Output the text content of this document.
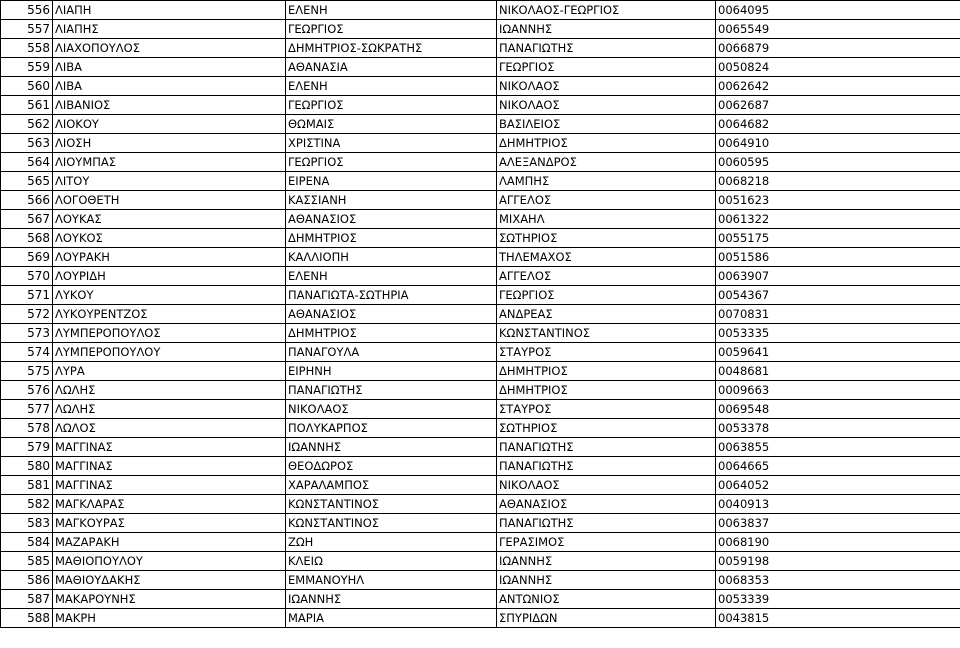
556	ΛΙΑΠΗ	ΕΛΕΝΗ	ΝΙΚΟΛΑΟΣ-ΓΕΩΡΓΙΟΣ	0064095
557	ΛΙΑΠΗΣ	ΓΕΩΡΓΙΟΣ	ΙΩΑΝΝΗΣ	0065549
558	ΛΙΑΧΟΠΟΥΛΟΣ	ΔΗΜΗΤΡΙΟΣ-ΣΩΚΡΑΤΗΣ	ΠΑΝΑΓΙΩΤΗΣ	0066879
559	ΛΙΒΑ	ΑΘΑΝΑΣΙΑ	ΓΕΩΡΓΙΟΣ	0050824
560	ΛΙΒΑ	ΕΛΕΝΗ	ΝΙΚΟΛΑΟΣ	0062642
561	ΛΙΒΑΝΙΟΣ	ΓΕΩΡΓΙΟΣ	ΝΙΚΟΛΑΟΣ	0062687
562	ΛΙΟΚΟΥ	ΘΩΜΑΙΣ	ΒΑΣΙΛΕΙΟΣ	0064682
563	ΛΙΟΣΗ	ΧΡΙΣΤΙΝΑ	ΔΗΜΗΤΡΙΟΣ	0064910
564	ΛΙΟΥΜΠΑΣ	ΓΕΩΡΓΙΟΣ	ΑΛΕΞΑΝΔΡΟΣ	0060595
565	ΛΙΤΟΥ	ΕΙΡΕΝΑ	ΛΑΜΠΗΣ	0068218
566	ΛΟΓΟΘΕΤΗ	ΚΑΣΣΙΑΝΗ	ΑΓΓΕΛΟΣ	0051623
567	ΛΟΥΚΑΣ	ΑΘΑΝΑΣΙΟΣ	ΜΙΧΑΗΛ	0061322
568	ΛΟΥΚΟΣ	ΔΗΜΗΤΡΙΟΣ	ΣΩΤΗΡΙΟΣ	0055175
569	ΛΟΥΡΑΚΗ	ΚΑΛΛΙΟΠΗ	ΤΗΛΕΜΑΧΟΣ	0051586
570	ΛΟΥΡΙΔΗ	ΕΛΕΝΗ	ΑΓΓΕΛΟΣ	0063907
571	ΛΥΚΟΥ	ΠΑΝΑΓΙΩΤΑ-ΣΩΤΗΡΙΑ	ΓΕΩΡΓΙΟΣ	0054367
572	ΛΥΚΟΥΡΕΝΤΖΟΣ	ΑΘΑΝΑΣΙΟΣ	ΑΝΔΡΕΑΣ	0070831
573	ΛΥΜΠΕΡΟΠΟΥΛΟΣ	ΔΗΜΗΤΡΙΟΣ	ΚΩΝΣΤΑΝΤΙΝΟΣ	0053335
574	ΛΥΜΠΕΡΟΠΟΥΛΟΥ	ΠΑΝΑΓΟΥΛΑ	ΣΤΑΥΡΟΣ	0059641
575	ΛΥΡΑ	ΕΙΡΗΝΗ	ΔΗΜΗΤΡΙΟΣ	0048681
576	ΛΩΛΗΣ	ΠΑΝΑΓΙΩΤΗΣ	ΔΗΜΗΤΡΙΟΣ	0009663
577	ΛΩΛΗΣ	ΝΙΚΟΛΑΟΣ	ΣΤΑΥΡΟΣ	0069548
578	ΛΩΛΟΣ	ΠΟΛΥΚΑΡΠΟΣ	ΣΩΤΗΡΙΟΣ	0053378
579	ΜΑΓΓΙΝΑΣ	ΙΩΑΝΝΗΣ	ΠΑΝΑΓΙΩΤΗΣ	0063855
580	ΜΑΓΓΙΝΑΣ	ΘΕΟΔΩΡΟΣ	ΠΑΝΑΓΙΩΤΗΣ	0064665
581	ΜΑΓΓΙΝΑΣ	ΧΑΡΑΛΑΜΠΟΣ	ΝΙΚΟΛΑΟΣ	0064052
582	ΜΑΓΚΛΑΡΑΣ	ΚΩΝΣΤΑΝΤΙΝΟΣ	ΑΘΑΝΑΣΙΟΣ	0040913
583	ΜΑΓΚΟΥΡΑΣ	ΚΩΝΣΤΑΝΤΙΝΟΣ	ΠΑΝΑΓΙΩΤΗΣ	0063837
584	ΜΑΖΑΡΑΚΗ	ΖΩΗ	ΓΕΡΑΣΙΜΟΣ	0068190
585	ΜΑΘΙΟΠΟΥΛΟΥ	ΚΛΕΙΩ	ΙΩΑΝΝΗΣ	0059198
586	ΜΑΘΙΟΥΔΑΚΗΣ	ΕΜΜΑΝΟΥΗΛ	ΙΩΑΝΝΗΣ	0068353
587	ΜΑΚΑΡΟΥΝΗΣ	ΙΩΑΝΝΗΣ	ΑΝΤΩΝΙΟΣ	0053339
588	ΜΑΚΡΗ	ΜΑΡΙΑ	ΣΠΥΡΙΔΩΝ	0043815
